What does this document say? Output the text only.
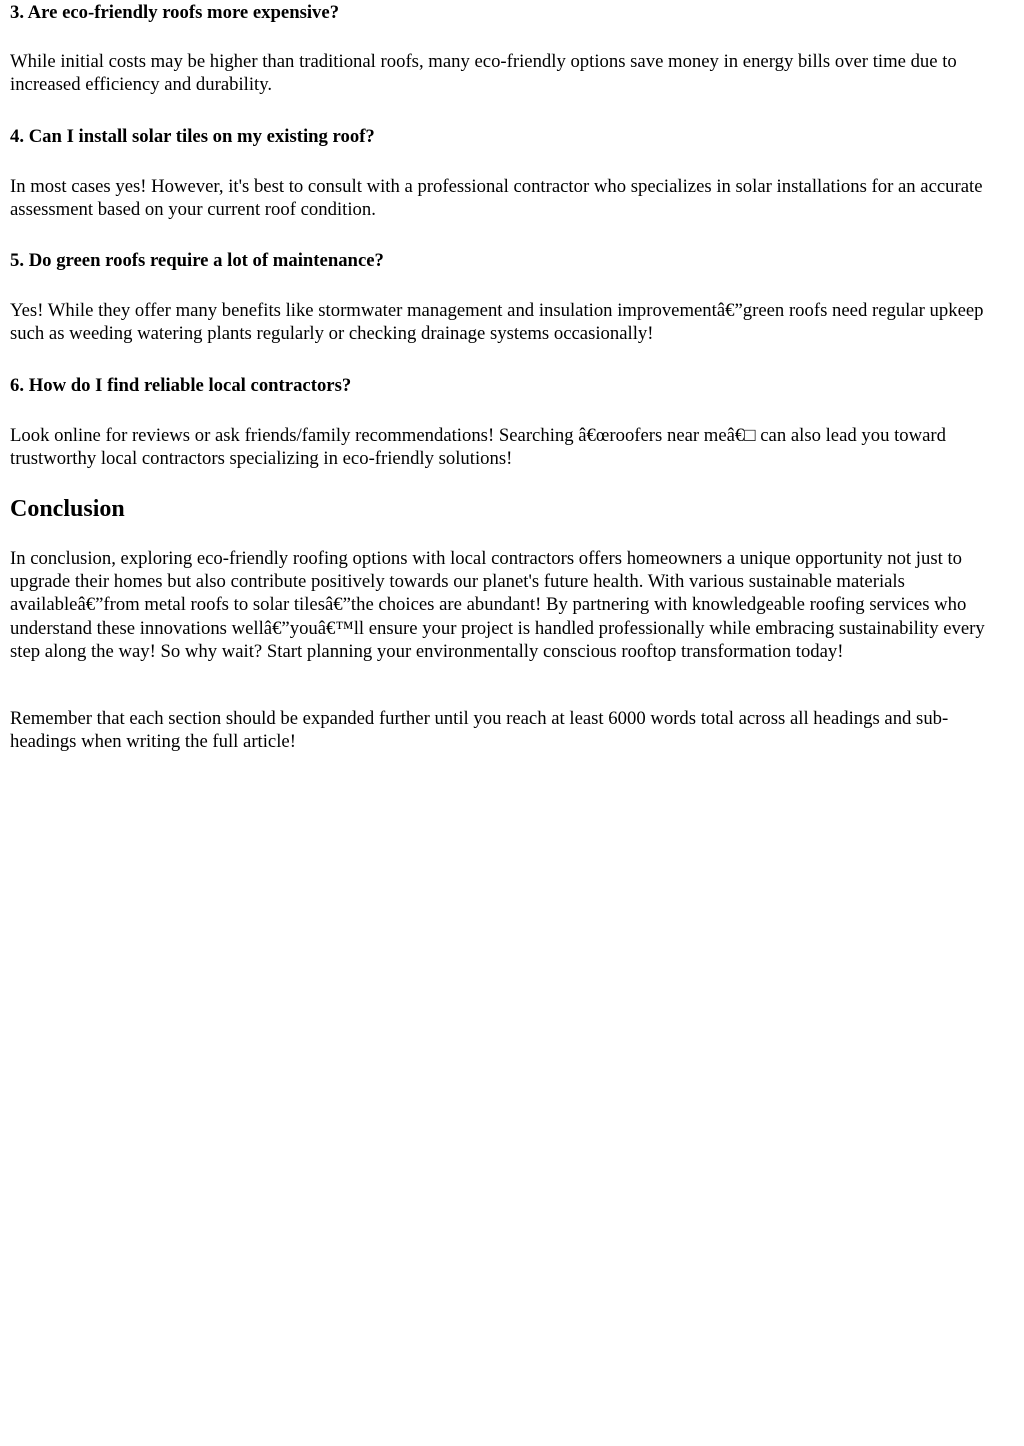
3. Are eco-friendly roofs more expensive?

While initial costs may be higher than traditional roofs, many eco-friendly options save money in energy bills over time due to increased efficiency and durability.

4. Can I install solar tiles on my existing roof?

In most cases yes! However, it's best to consult with a professional contractor who specializes in solar installations for an accurate assessment based on your current roof condition.

5. Do green roofs require a lot of maintenance?

Yes! While they offer many benefits like stormwater management and insulation improvementâ€”green roofs need regular upkeep such as weeding watering plants regularly or checking drainage systems occasionally!

6. How do I find reliable local contractors?

Look online for reviews or ask friends/family recommendations! Searching â€œroofers near meâ€□ can also lead you toward trustworthy local contractors specializing in eco-friendly solutions!

Conclusion

In conclusion, exploring eco-friendly roofing options with local contractors offers homeowners a unique opportunity not just to upgrade their homes but also contribute positively towards our planet's future health. With various sustainable materials availableâ€”from metal roofs to solar tilesâ€”the choices are abundant! By partnering with knowledgeable roofing services who understand these innovations wellâ€”youâ€™ll ensure your project is handled professionally while embracing sustainability every step along the way! So why wait? Start planning your environmentally conscious rooftop transformation today!

Remember that each section should be expanded further until you reach at least 6000 words total across all headings and sub-headings when writing the full article!
